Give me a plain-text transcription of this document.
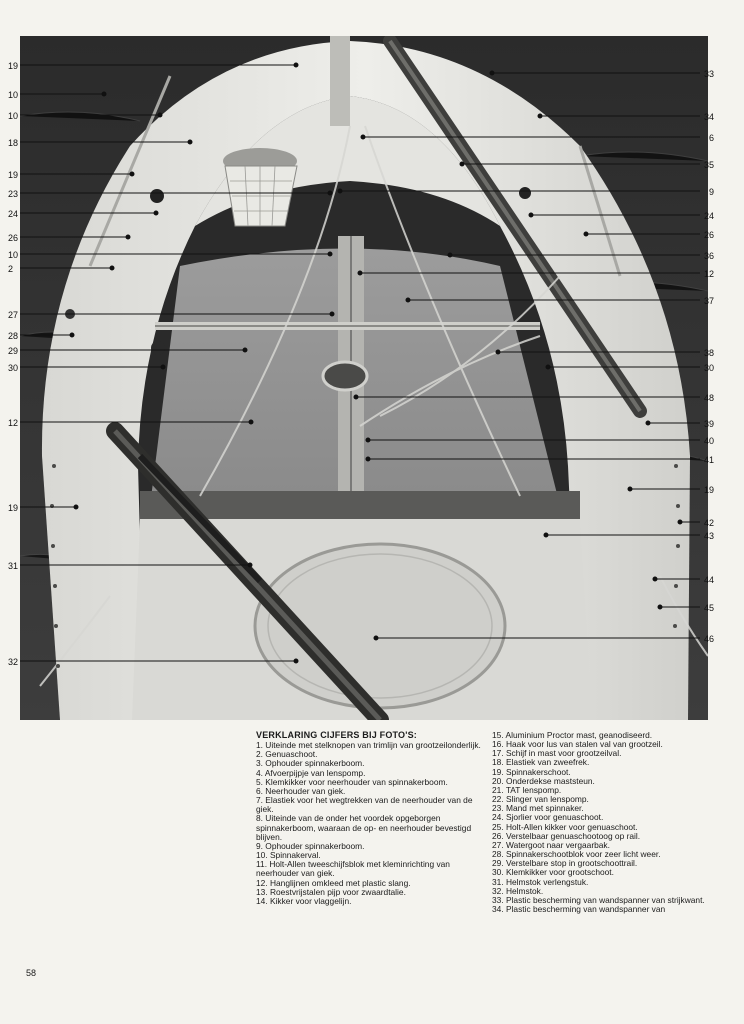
19
10
10
18
19
23
24
26
10
2
27
28
29
30
12
19
31
32
33
34
6
35
9
24
26
36
12
37
38
30
48
39
40
41
19
42
43
44
45
46
VERKLARING CIJFERS BIJ FOTO'S:

1. Uiteinde met stelknopen van trimlijn van grootzeilonderlijk.

2. Genuaschoot.

3. Ophouder spinnakerboom.

4. Afvoerpijpje van lenspomp.

5. Klemkikker voor neerhouder van spinnakerboom.

6. Neerhouder van giek.

7. Elastiek voor het wegtrekken van de neerhouder van de giek.

8. Uiteinde van de onder het voordek opgeborgen spinnakerboom, waaraan de op- en neerhouder bevestigd blijven.

9. Ophouder spinnakerboom.

10. Spinnakerval.

11. Holt-Allen tweeschijfsblok met kleminrichting van neerhouder van giek.

12. Hanglijnen omkleed met plastic slang.

13. Roestvrijstalen pijp voor zwaardtalie.

14. Kikker voor vlaggelijn.

15. Aluminium Proctor mast, geanodiseerd.

16. Haak voor lus van stalen val van grootzeil.

17. Schijf in mast voor grootzeilval.

18. Elastiek van zweefrek.

19. Spinnakerschoot.

20. Onderdekse maststeun.

21. TAT lenspomp.

22. Slinger van lenspomp.

23. Mand met spinnaker.

24. Sjorlier voor genuaschoot.

25. Holt-Allen kikker voor genuaschoot.

26. Verstelbaar genuaschootoog op rail.

27. Watergoot naar vergaarbak.

28. Spinnakerschootblok voor zeer licht weer.

29. Verstelbare stop in grootschoottrail.

30. Klemkikker voor grootschoot.

31. Helmstok verlengstuk.

32. Helmstok.

33. Plastic bescherming van wandspanner van strijkwant.

34. Plastic bescherming van wandspanner van

58
